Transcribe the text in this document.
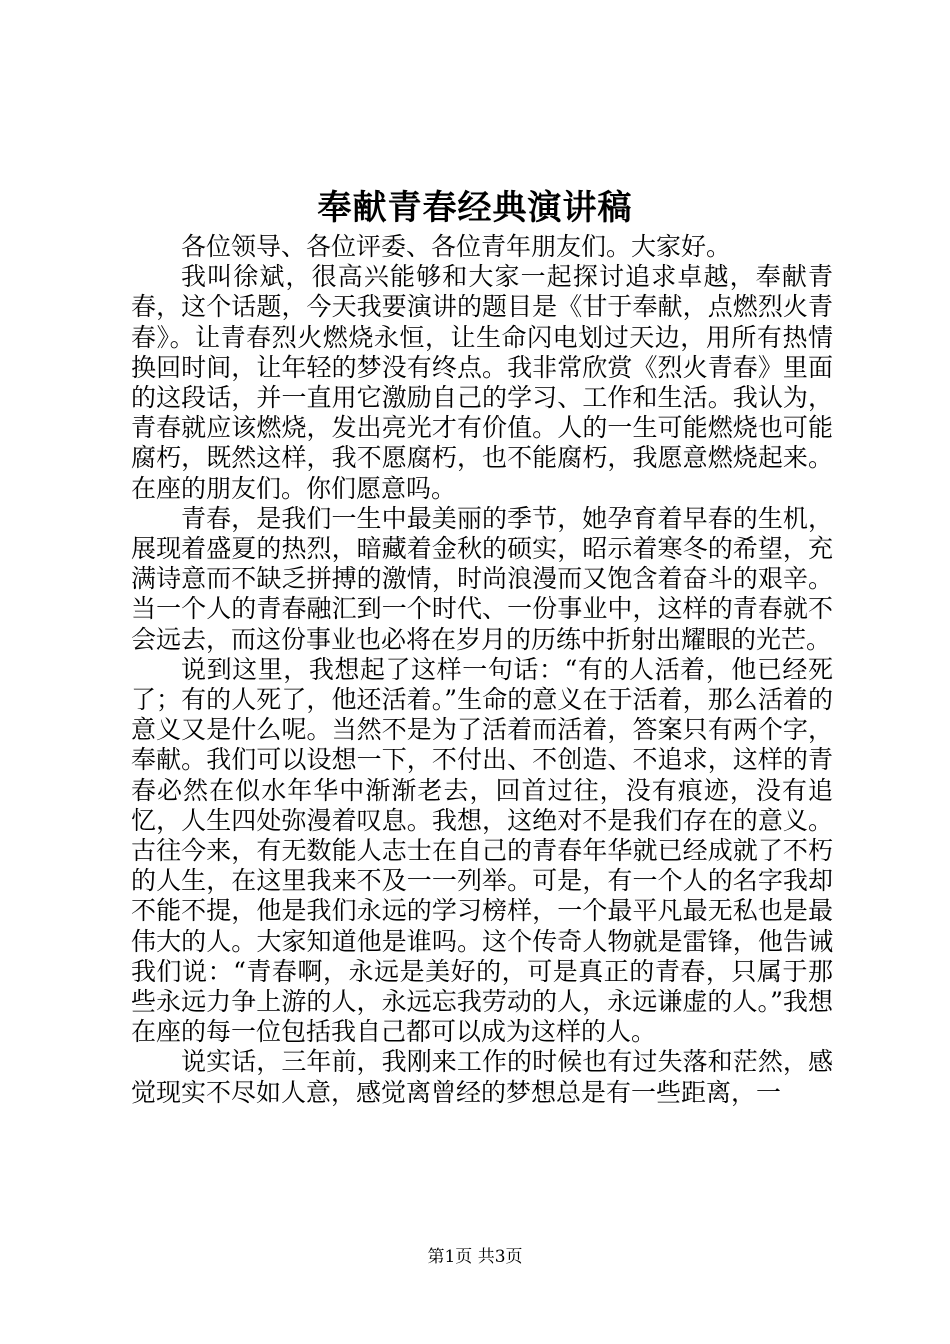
奉献青春经典演讲稿

各位领导、各位评委、各位青年朋友们。大家好。

我叫徐斌，很高兴能够和大家一起探讨追求卓越，奉献青春，这个话题，今天我要演讲的题目是《甘于奉献，点燃烈火青春》。让青春烈火燃烧永恒，让生命闪电划过天边，用所有热情换回时间，让年轻的梦没有终点。我非常欣赏《烈火青春》里面的这段话，并一直用它激励自己的学习、工作和生活。我认为，青春就应该燃烧，发出亮光才有价值。人的一生可能燃烧也可能腐朽，既然这样，我不愿腐朽，也不能腐朽，我愿意燃烧起来。在座的朋友们。你们愿意吗。

青春，是我们一生中最美丽的季节，她孕育着早春的生机，展现着盛夏的热烈，暗藏着金秋的硕实，昭示着寒冬的希望，充满诗意而不缺乏拼搏的激情，时尚浪漫而又饱含着奋斗的艰辛。当一个人的青春融汇到一个时代、一份事业中，这样的青春就不会远去，而这份事业也必将在岁月的历练中折射出耀眼的光芒。

说到这里，我想起了这样一句话：“有的人活着，他已经死了；有的人死了，他还活着。”生命的意义在于活着，那么活着的意义又是什么呢。当然不是为了活着而活着，答案只有两个字，奉献。我们可以设想一下，不付出、不创造、不追求，这样的青春必然在似水年华中渐渐老去，回首过往，没有痕迹，没有追忆，人生四处弥漫着叹息。我想，这绝对不是我们存在的意义。古往今来，有无数能人志士在自己的青春年华就已经成就了不朽的人生，在这里我来不及一一列举。可是，有一个人的名字我却不能不提，他是我们永远的学习榜样，一个最平凡最无私也是最伟大的人。大家知道他是谁吗。这个传奇人物就是雷锋，他告诫我们说：“青春啊，永远是美好的，可是真正的青春，只属于那些永远力争上游的人，永远忘我劳动的人，永远谦虚的人。”我想在座的每一位包括我自己都可以成为这样的人。

说实话，三年前，我刚来工作的时候也有过失落和茫然，感觉现实不尽如人意，感觉离曾经的梦想总是有一些距离，一

第1页 共3页
